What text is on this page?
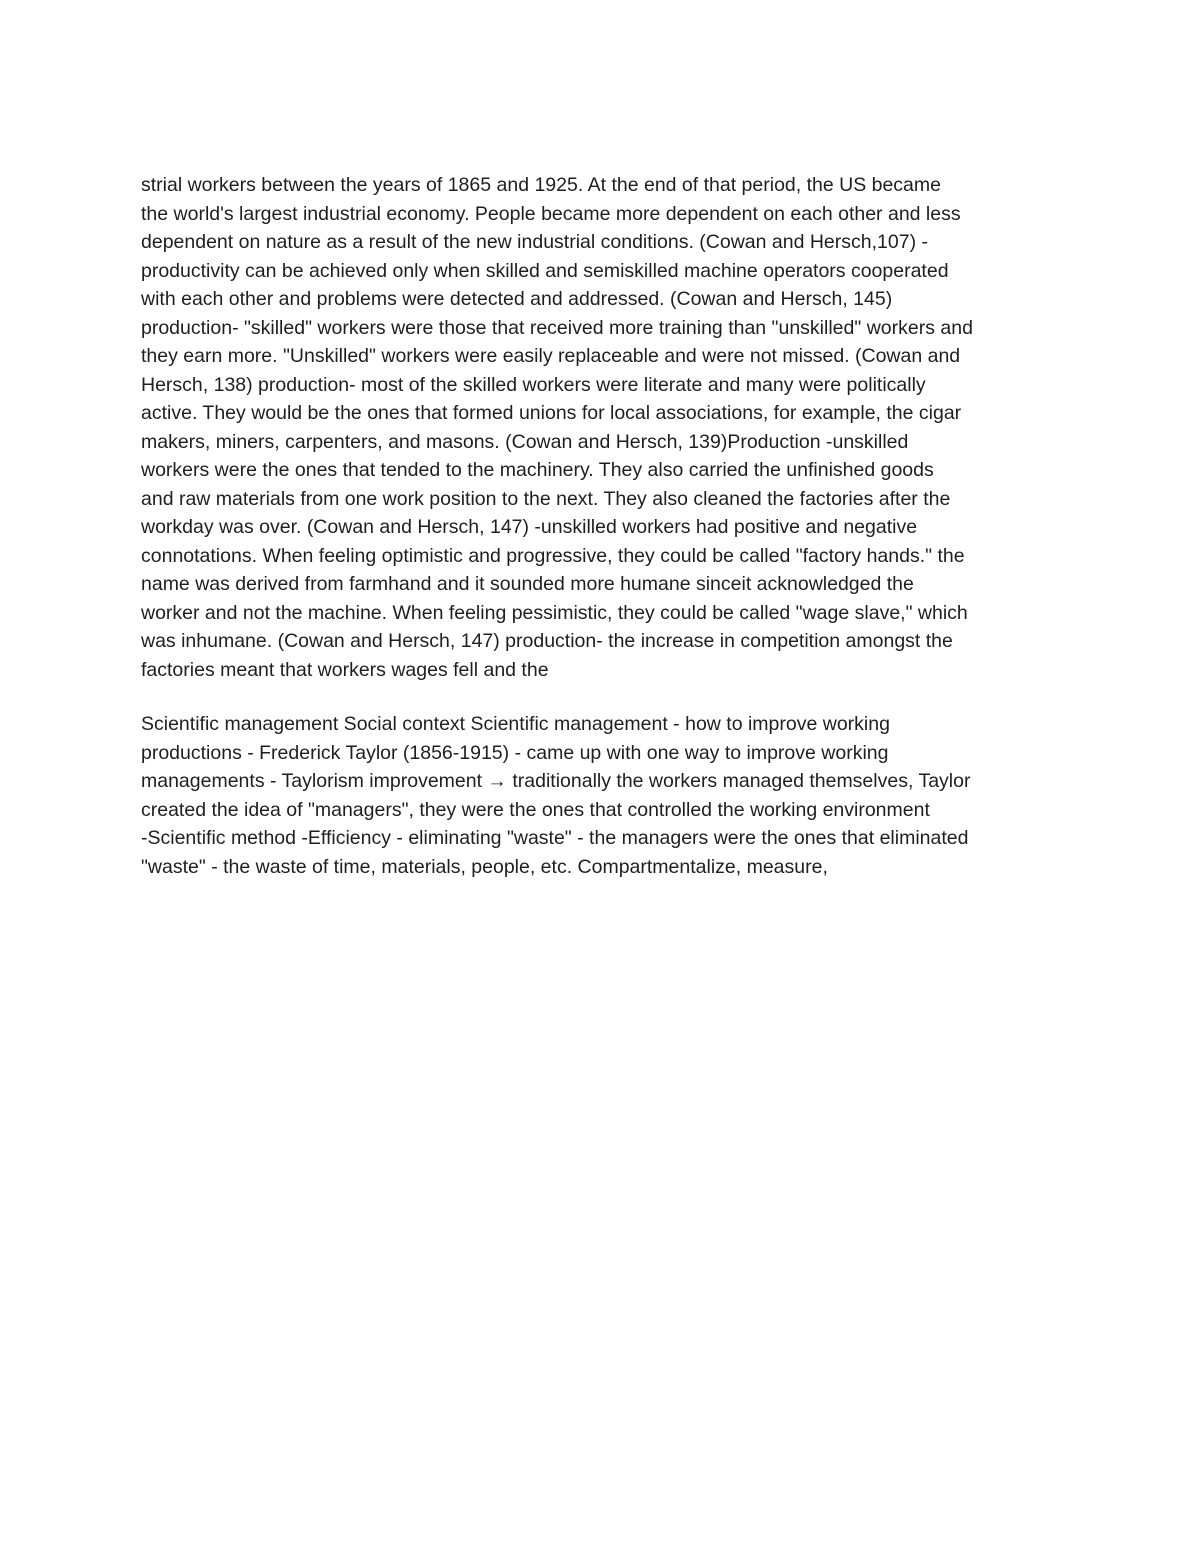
strial workers between the years of 1865 and 1925. At the end of that period, the US became
the world's largest industrial economy. People became more dependent on each other and less
dependent on nature as a result of the new industrial conditions. (Cowan and Hersch,107) -
productivity can be achieved only when skilled and semiskilled machine operators cooperated
with each other and problems were detected and addressed. (Cowan and Hersch, 145)
production- "skilled" workers were those that received more training than "unskilled" workers and
they earn more. "Unskilled" workers were easily replaceable and were not missed. (Cowan and
Hersch, 138) production- most of the skilled workers were literate and many were politically
active. They would be the ones that formed unions for local associations, for example, the cigar
makers, miners, carpenters, and masons. (Cowan and Hersch, 139)Production -unskilled
workers were the ones that tended to the machinery. They also carried the unfinished goods
and raw materials from one work position to the next. They also cleaned the factories after the
workday was over. (Cowan and Hersch, 147) -unskilled workers had positive and negative
connotations. When feeling optimistic and progressive, they could be called "factory hands." the
name was derived from farmhand and it sounded more humane sinceit acknowledged the
worker and not the machine. When feeling pessimistic, they could be called "wage slave," which
was inhumane. (Cowan and Hersch, 147) production- the increase in competition amongst the
factories meant that workers wages fell and the
Scientific management Social context Scientific management - how to improve working
productions - Frederick Taylor (1856-1915) - came up with one way to improve working
managements - Taylorism improvement → traditionally the workers managed themselves, Taylor
created the idea of "managers", they were the ones that controlled the working environment
-Scientific method -Efficiency - eliminating "waste" - the managers were the ones that eliminated
"waste" - the waste of time, materials, people, etc. Compartmentalize, measure,
